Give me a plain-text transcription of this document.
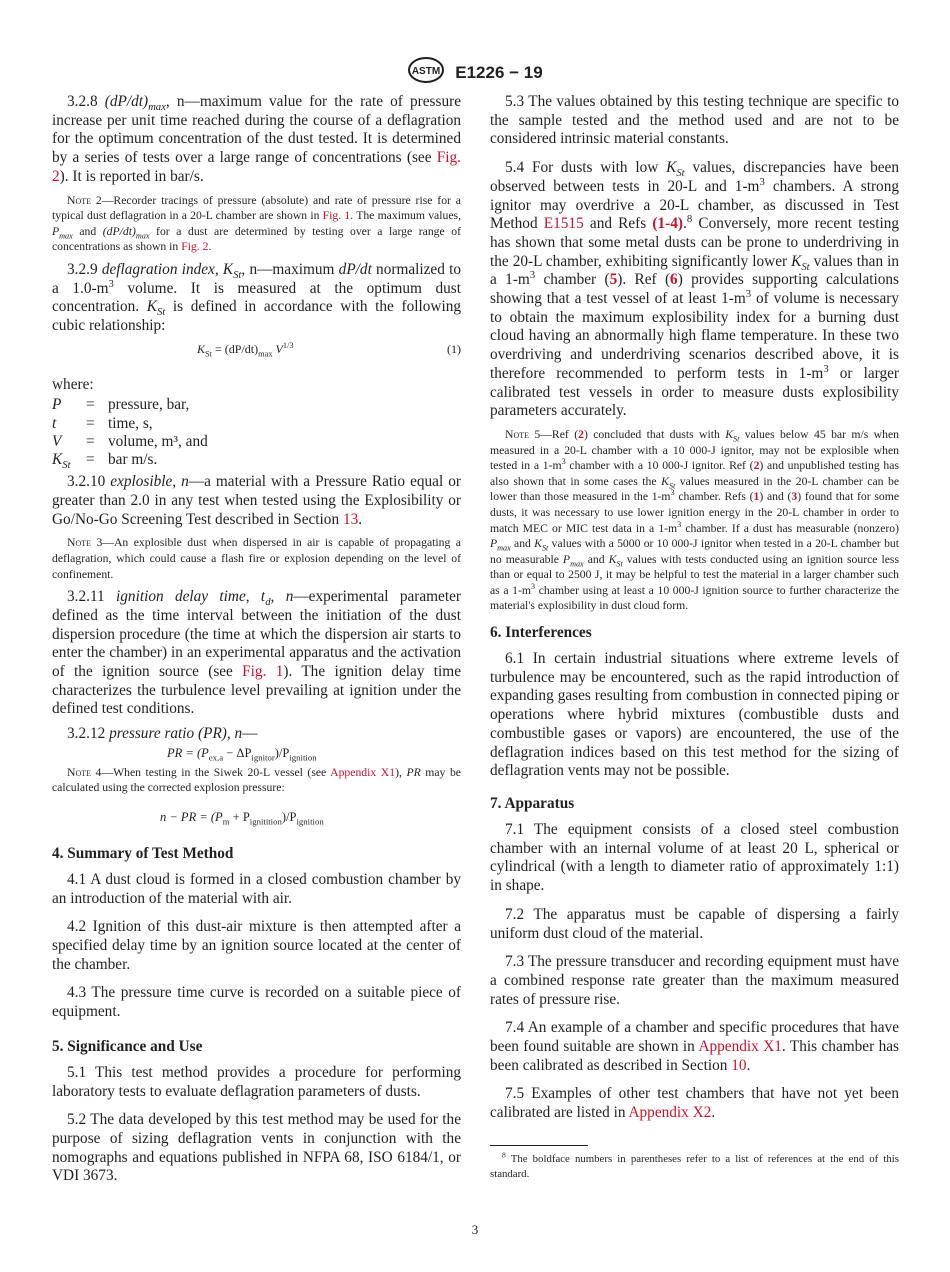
ASTM E1226 − 19

3.2.8 $(dP/dt)_{max}$, n—maximum value for the rate of pressure increase per unit time reached during the course of a deflagration for the optimum concentration of the dust tested. It is determined by a series of tests over a large range of concentrations (see Fig. 2). It is reported in bar/s.

Note 2—Recorder tracings of pressure (absolute) and rate of pressure rise for a typical dust deflagration in a 20-L chamber are shown in Fig. 1. The maximum values, $P_{max}$ and $(dP/dt)_{max}$ for a dust are determined by testing over a large range of concentrations as shown in Fig. 2.

3.2.9 deflagration index, $K_{St}$, n—maximum dP/dt normalized to a $1.0-m^3$ volume. It is measured at the optimum dust concentration. $K_{St}$ is defined in accordance with the following cubic relationship:

$K_{St} = (dP/dt)_{max}$ $V^{1/3}$	(1)

where:

P	=	pressure, bar,
t	=	time, s,
V	=	volume, m³, and
$K_{St}$	=	bar m/s.

3.2.10 explosible, n—a material with a Pressure Ratio equal or greater than 2.0 in any test when tested using the Explosibility or Go/No-Go Screening Test described in Section 13.

Note 3—An explosible dust when dispersed in air is capable of propagating a deflagration, which could cause a flash fire or explosion depending on the level of confinement.

3.2.11 ignition delay time, $t_d$, n—experimental parameter defined as the time interval between the initiation of the dust dispersion procedure (the time at which the dispersion air starts to enter the chamber) in an experimental apparatus and the activation of the ignition source (see Fig. 1). The ignition delay time characterizes the turbulence level prevailing at ignition under the defined test conditions.

3.2.12 pressure ratio (PR), n—

PR = $(P_{ex,a} - \Delta P_{ignitor})/P_{ignition}$

Note 4—When testing in the Siwek 20-L vessel (see Appendix X1), PR may be calculated using the corrected explosion pressure:

n − PR = $(P_m + P_{ignitition})/P_{ignition}$
4. Summary of Test Method

4.1 A dust cloud is formed in a closed combustion chamber by an introduction of the material with air.

4.2 Ignition of this dust-air mixture is then attempted after a specified delay time by an ignition source located at the center of the chamber.

4.3 The pressure time curve is recorded on a suitable piece of equipment.

5. Significance and Use

5.1 This test method provides a procedure for performing laboratory tests to evaluate deflagration parameters of dusts.

5.2 The data developed by this test method may be used for the purpose of sizing deflagration vents in conjunction with the nomographs and equations published in NFPA 68, ISO 6184/1, or VDI 3673.

5.3 The values obtained by this testing technique are specific to the sample tested and the method used and are not to be considered intrinsic material constants.

5.4 For dusts with low $K_{St}$ values, discrepancies have been observed between tests in 20-L and $1-m^3$ chambers. A strong ignitor may overdrive a 20-L chamber, as discussed in Test Method E1515 and Refs (1-4).$^8$ Conversely, more recent testing has shown that some metal dusts can be prone to underdriving in the 20-L chamber, exhibiting significantly lower $K_{St}$ values than in a $1-m^3$ chamber (5). Ref (6) provides supporting calculations showing that a test vessel of at least $1-m^3$ of volume is necessary to obtain the maximum explosibility index for a burning dust cloud having an abnormally high flame temperature. In these two overdriving and underdriving scenarios described above, it is therefore recommended to perform tests in $1-m^3$ or larger calibrated test vessels in order to measure dusts explosibility parameters accurately.

Note 5—Ref (2) concluded that dusts with $K_{St}$ values below 45 bar m/s when measured in a 20-L chamber with a 10 000-J ignitor, may not be explosible when tested in a $1-m^3$ chamber with a 10 000-J ignitor. Ref (2) and unpublished testing has also shown that in some cases the $K_{St}$ values measured in the 20-L chamber can be lower than those measured in the $1-m^3$ chamber. Refs (1) and (3) found that for some dusts, it was necessary to use lower ignition energy in the 20-L chamber in order to match MEC or MIC test data in a $1-m^3$ chamber. If a dust has measurable (nonzero) $P_{max}$ and $K_{St}$ values with a 5000 or 10 000-J ignitor when tested in a 20-L chamber but no measurable $P_{max}$ and $K_{St}$ values with tests conducted using an ignition source less than or equal to 2500 J, it may be helpful to test the material in a larger chamber such as a $1-m^3$ chamber using at least a 10 000-J ignition source to further characterize the material's explosibility in dust cloud form.

6. Interferences

6.1 In certain industrial situations where extreme levels of turbulence may be encountered, such as the rapid introduction of expanding gases resulting from combustion in connected piping or operations where hybrid mixtures (combustible dusts and combustible gases or vapors) are encountered, the use of the deflagration indices based on this test method for the sizing of deflagration vents may not be possible.

7. Apparatus

7.1 The equipment consists of a closed steel combustion chamber with an internal volume of at least 20 L, spherical or cylindrical (with a length to diameter ratio of approximately 1:1) in shape.

7.2 The apparatus must be capable of dispersing a fairly uniform dust cloud of the material.

7.3 The pressure transducer and recording equipment must have a combined response rate greater than the maximum measured rates of pressure rise.

7.4 An example of a chamber and specific procedures that have been found suitable are shown in Appendix X1. This chamber has been calibrated as described in Section 10.

7.5 Examples of other test chambers that have not yet been calibrated are listed in Appendix X2.

$^8$ The boldface numbers in parentheses refer to a list of references at the end of this standard.

3
